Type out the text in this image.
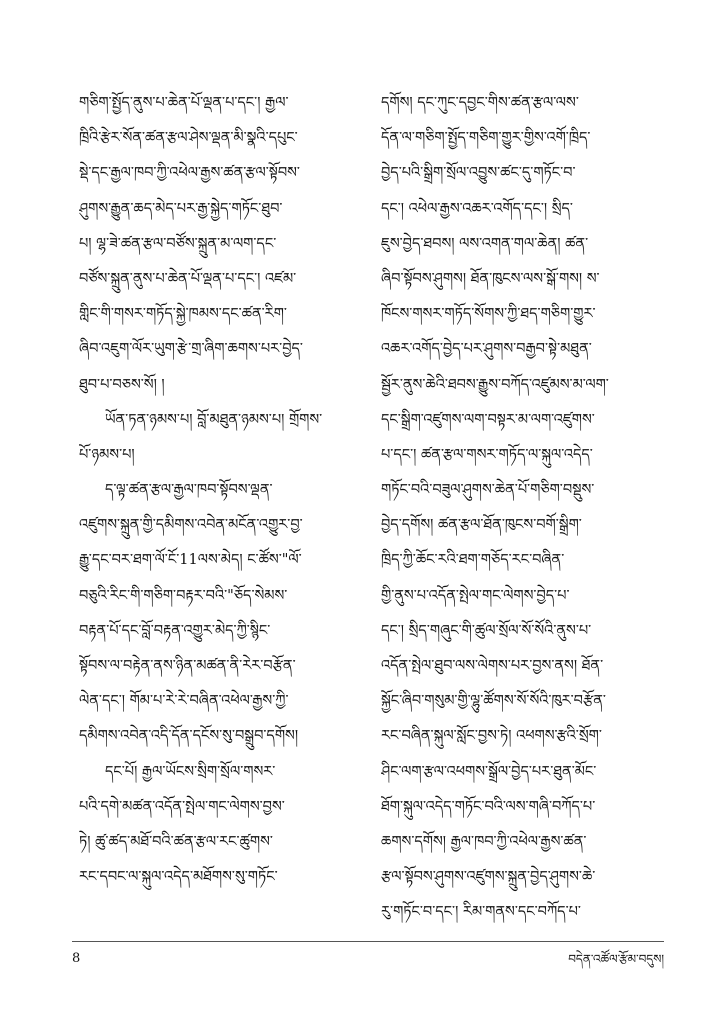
གཅིག་སྤྱོད་ནུས་པ་ཆེན་པོ་ལྡན་པ་དང་། རྒྱལ་
ཁྲིའི་རྩེར་སོན་ཚན་རྩལ་ཤེས་ལྡན་མི་སྣའི་དཔུང་
སྡེ་དང་རྒྱལ་ཁབ་ཀྱི་འཕེལ་རྒྱས་ཚན་རྩལ་སྟོབས་
ཤུགས་རྒྱུན་ཆད་མེད་པར་རྒྱ་སྐྱེད་གཏོང་ཐུབ་
པ། ལྷ་ཟེ་ཚན་རྩལ་བཙོས་སྐྲུན་མ་ལག་དང་
བཙོས་སྐྲུན་ནུས་པ་ཆེན་པོ་ལྡན་པ་དང་། འཛམ་
གླིང་གི་གསར་གཏོད་སྐྱེ་ཁམས་དང་ཚན་རིག་
ཞིབ་འཇུག་ལོར་ཡུག་རྩེ་གྲ་ཞིག་ཆགས་པར་བྱེད་
ཐུབ་པ་བཅས་སོ། །
ཡོན་ཏན་ཉམས་པ། བློ་མཐུན་ཉམས་པ། གྲོགས་
པོ་ཉམས་པ།
ད་ལྟ་ཚན་རྩལ་རྒྱལ་ཁབ་སྟོབས་ལྡན་
འཛུགས་སྐྲུན་གྱི་དམིགས་འབེན་མངོན་འགྱུར་བྱ་
རྒྱུ་དང་བར་ཐག་ལོ་ངོ་11ལས་མེད། ང་ཚོས་"ལོ་
བཅུའི་རིང་གི་གཅིག་བརྟར་བའི་"ཅོད་སེམས་
བརྟན་པོ་དང་བློ་བརྟན་འགྱུར་མེད་ཀྱི་སྙིང་
སྟོབས་ལ་བརྟེན་ནས་ཉིན་མཚན་ནི་རེར་བརྩོན་
ལེན་དང་། གོམ་པ་རེ་རེ་བཞིན་འཕེལ་རྒྱས་ཀྱི་
དམིགས་འབེན་འདི་དོན་དངོས་སུ་བསྒྲུབ་དགོས།
དང་པོ། རྒྱལ་ཡོངས་སྲིག་སྲོལ་གསར་
པའི་དགེ་མཚན་འདོན་སྤེལ་གང་ལེགས་བྱས་
ཏེ། ཚུ་ཚད་མཐོ་བའི་ཚན་རྩལ་རང་ཚུགས་
རང་དབང་ལ་སྐུལ་འདེད་མཐོགས་སུ་གཏོང་
དགོས། དང་ཀུང་དབྱང་གིས་ཚན་རྩལ་ལས་
དོན་ལ་གཅིག་སྤྱོད་གཅིག་གྱུར་གྱིས་འགོ་ཁྲིད་
བྱེད་པའི་སྒྲིག་སྲོལ་འབྱུས་ཚང་དུ་གཏོང་བ་
དང་། འཕེལ་རྒྱས་འཆར་འགོད་དང་། སྲིད་
ཇུས་བྱེད་ཐབས། ལས་འགན་གལ་ཆེན། ཚན་
ཞིབ་སྟོབས་ཤུགས། ཐོན་ཁུངས་ལས་སྒོ་གས། ས་
ཁོངས་གསར་གཏོད་སོགས་ཀྱི་ཐད་གཅིག་གྱུར་
འཆར་འགོད་བྱེད་པར་ཤུགས་བརྒྱབ་སྟེ་མཐུན་
སྦྱོར་ནུས་ཆེའི་ཐབས་རྒྱུས་བཀོད་འཛུམས་མ་ལག་
དང་སྒྲིག་འཛུགས་ལག་བསྟར་མ་ལག་འཛུགས་
པ་དང་། ཚན་རྩལ་གསར་གཏོད་ལ་སྐུལ་འདེད་
གཏོང་བའི་བཟུལ་ཤུགས་ཆེན་པོ་གཅིག་བསྡུས་
བྱེད་དགོས། ཚན་རྩལ་ཐོན་ཁུངས་བགོ་སྒྲིག་
ཁྲིད་ཀྱི་ཆོང་རའི་ཐག་གཅོད་རང་བཞིན་
གྱི་ནུས་པ་འདོན་སྤེལ་གང་ལེགས་བྱེད་པ་
དང་། སྲིད་གཞུང་གི་ཚུལ་སྲོལ་སོ་སོའི་ནུས་པ་
འདོན་སྤེལ་ཐུབ་ལས་ལེགས་པར་བྱས་ནས། ཐོན་
སྐྱོང་ཞིབ་གསུམ་གྱི་ལྷུ་ཚོགས་སོ་སོའི་ཁུར་བརྩོན་
རང་བཞིན་སྐུལ་སློང་བྱས་ཏེ། འཕགས་རྩའི་སྲོག་
ཤིང་ལག་རྩལ་འཕགས་སྒྲོལ་བྱེད་པར་ཐུན་མོང་
ཐོག་སྐུལ་འདེད་གཏོང་བའི་ལས་གཞི་བཀོད་པ་
ཆགས་དགོས། རྒྱལ་ཁབ་ཀྱི་འཕེལ་རྒྱས་ཚན་
རྩལ་སྟོབས་ཤུགས་འཛུགས་སྐྲུན་བྱེད་ཤུགས་ཆེ་
རུ་གཏོང་བ་དང་། རིམ་གནས་དང་བཀོད་པ་
8	བདེན་འཚོལ་རྩོམ་བདུས།
